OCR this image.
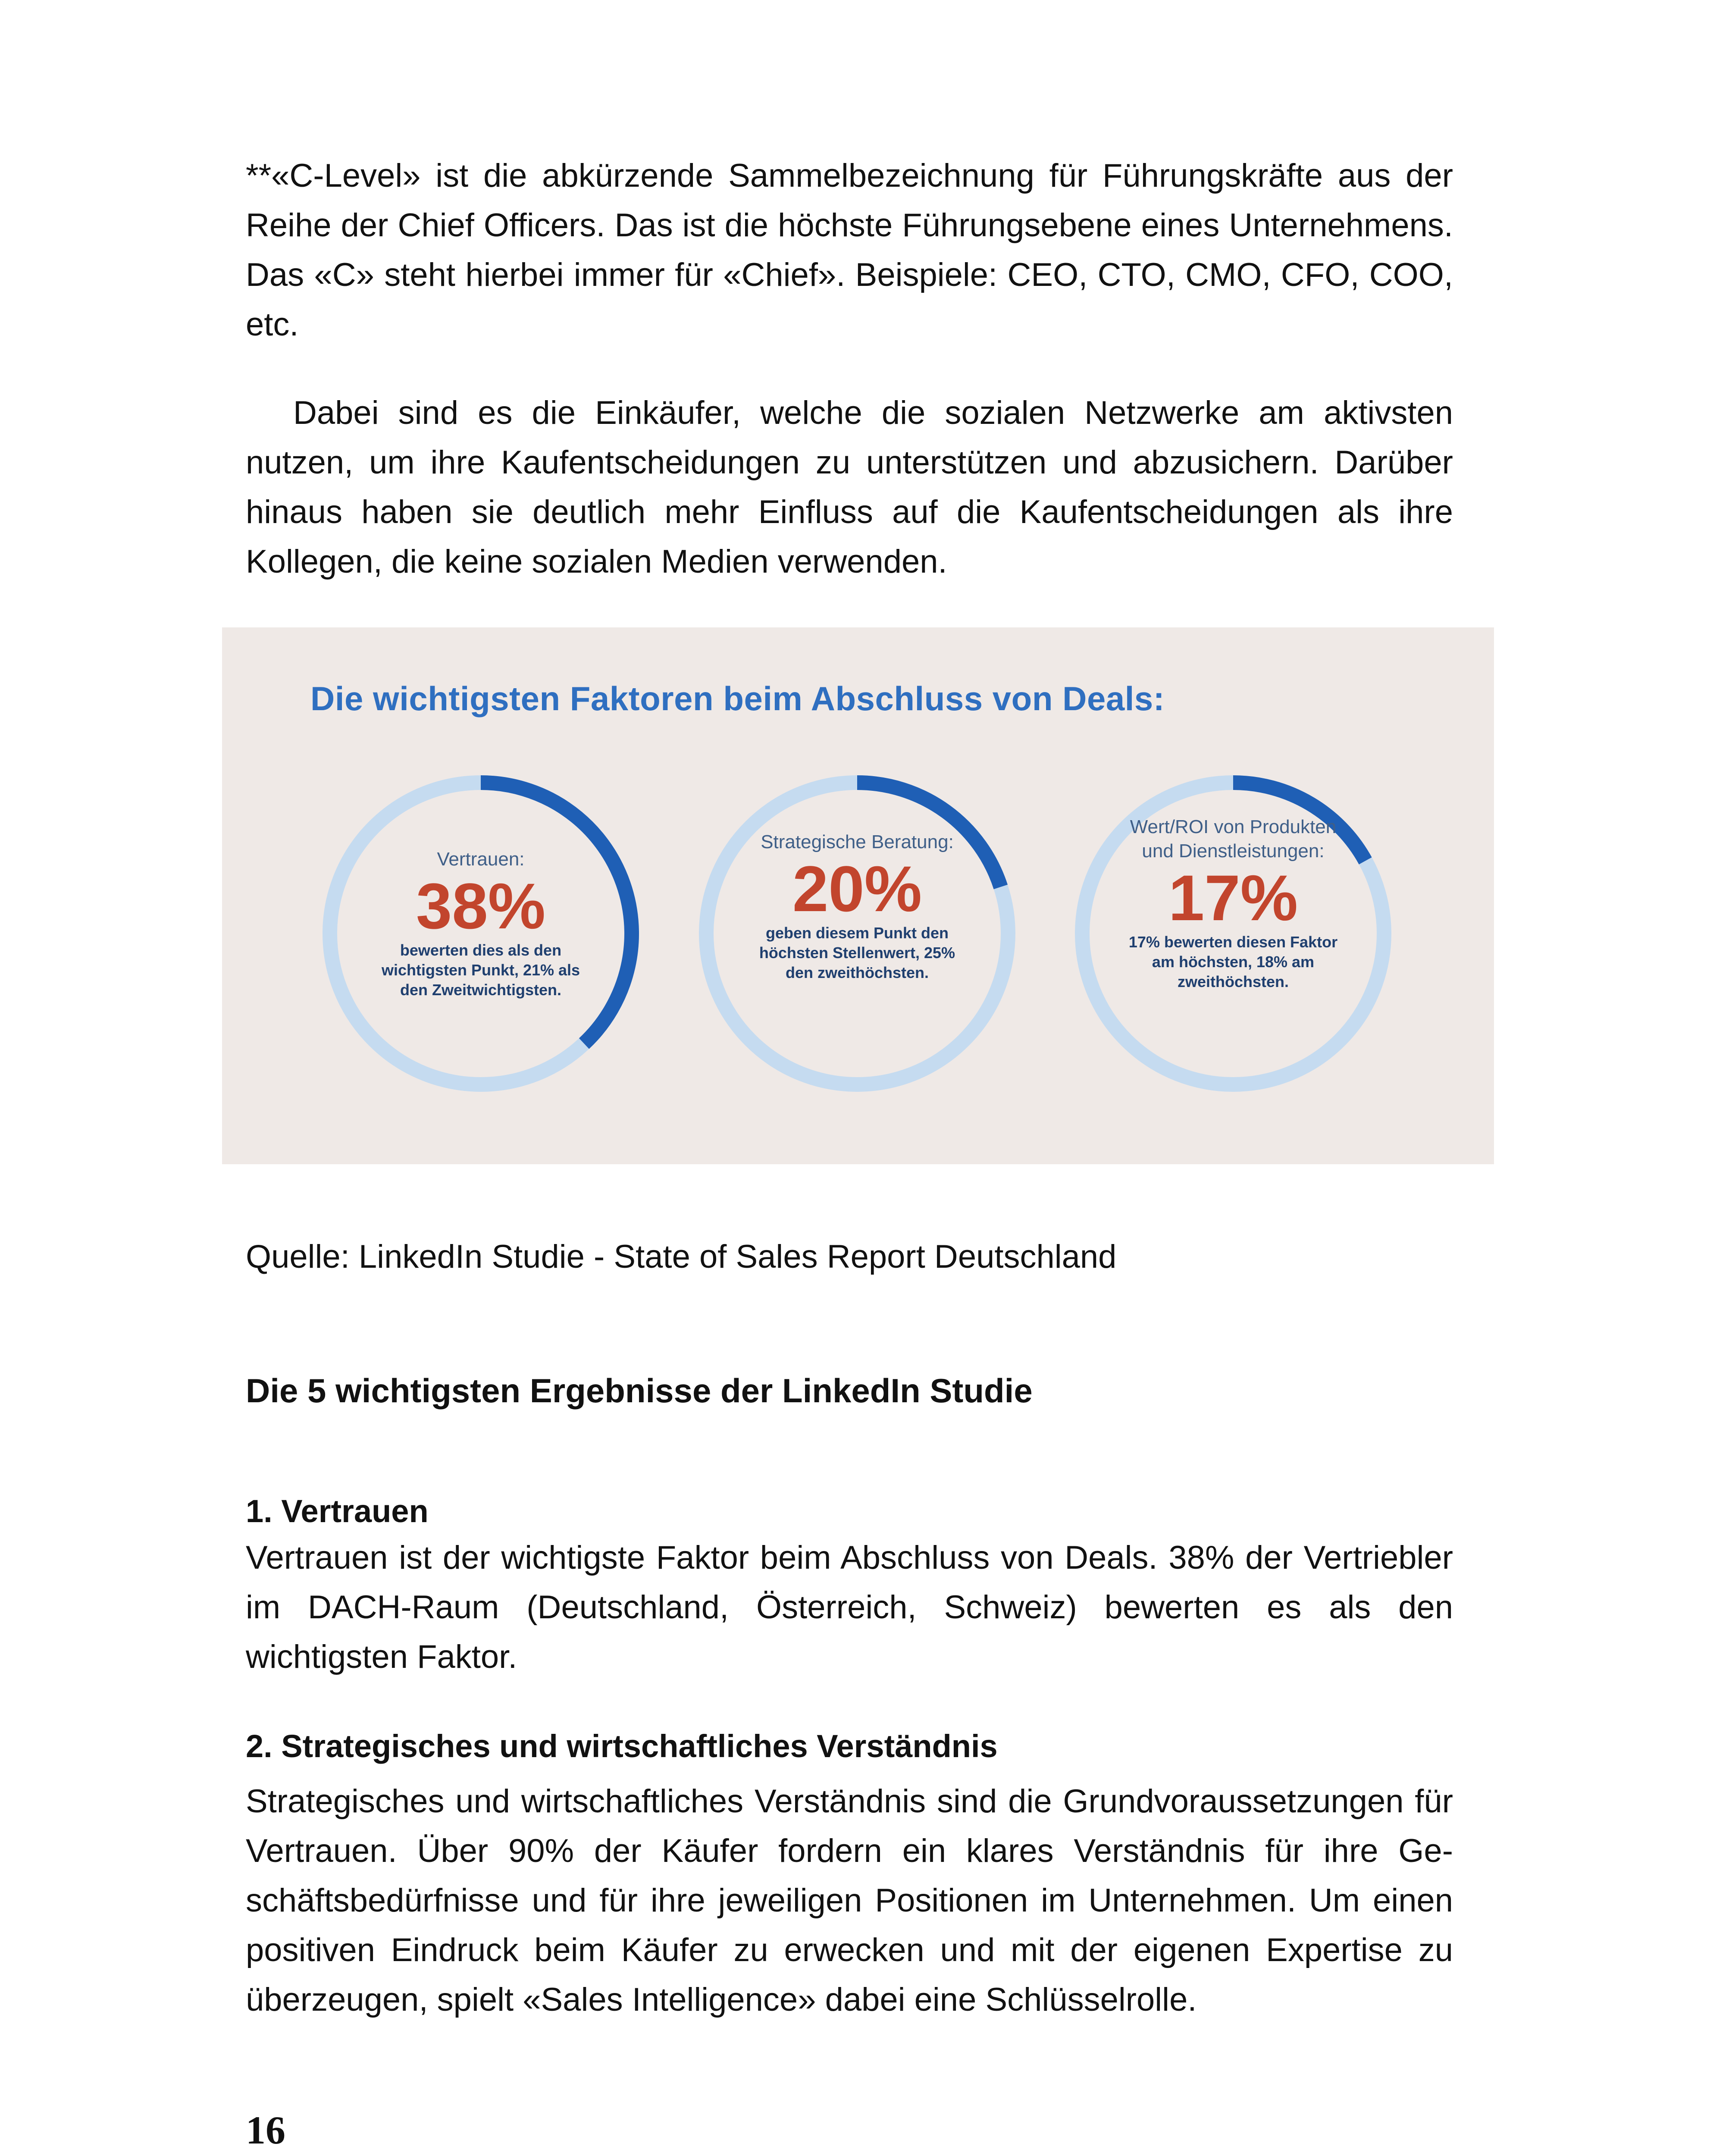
**«C-Level» ist die abkürzende Sammelbezeichnung für Führungskräfte aus der Reihe der Chief Officers. Das ist die höchste Führungsebene eines Unternehmens. Das «C» steht hierbei immer für «Chief». Beispiele: CEO, CTO, CMO, CFO, COO, etc.

Dabei sind es die Einkäufer, welche die sozialen Netzwerke am aktivsten nutzen, um ihre Kaufentscheidungen zu unterstützen und abzusichern. Darüber hinaus haben sie deutlich mehr Einfluss auf die Kaufentscheidungen als ihre Kollegen, die keine sozialen Medien verwenden.

Die wichtigsten Faktoren beim Abschluss von Deals:
Vertrauen:
38%
bewerten dies als den wichtigsten Punkt, 21% als den Zweitwichtigsten.
Strategische Beratung:
20%
geben diesem Punkt den höchsten Stellenwert, 25% den zweithöchsten.
Wert/ROI von Produkten und Dienstleistungen:
17%
17% bewerten diesen Faktor am höchsten, 18% am zweithöchsten.
Quelle: LinkedIn Studie - State of Sales Report Deutschland
Die 5 wichtigsten Ergebnisse der LinkedIn Studie
1. Vertrauen
Vertrauen ist der wichtigste Faktor beim Abschluss von Deals. 38% der Vertriebler im DACH-Raum (Deutschland, Österreich, Schweiz) bewerten es als den wichtigsten Faktor.
2. Strategisches und wirtschaftliches Verständnis
Strategisches und wirtschaftliches Verständnis sind die Grundvoraussetzungen für Vertrauen. Über 90% der Käufer fordern ein klares Verständnis für ihre Geschäftsbedürfnisse und für ihre jeweiligen Positionen im Unternehmen. Um einen positiven Eindruck beim Käufer zu erwecken und mit der eigenen Expertise zu überzeugen, spielt «Sales Intelligence» dabei eine Schlüsselrolle.
16
